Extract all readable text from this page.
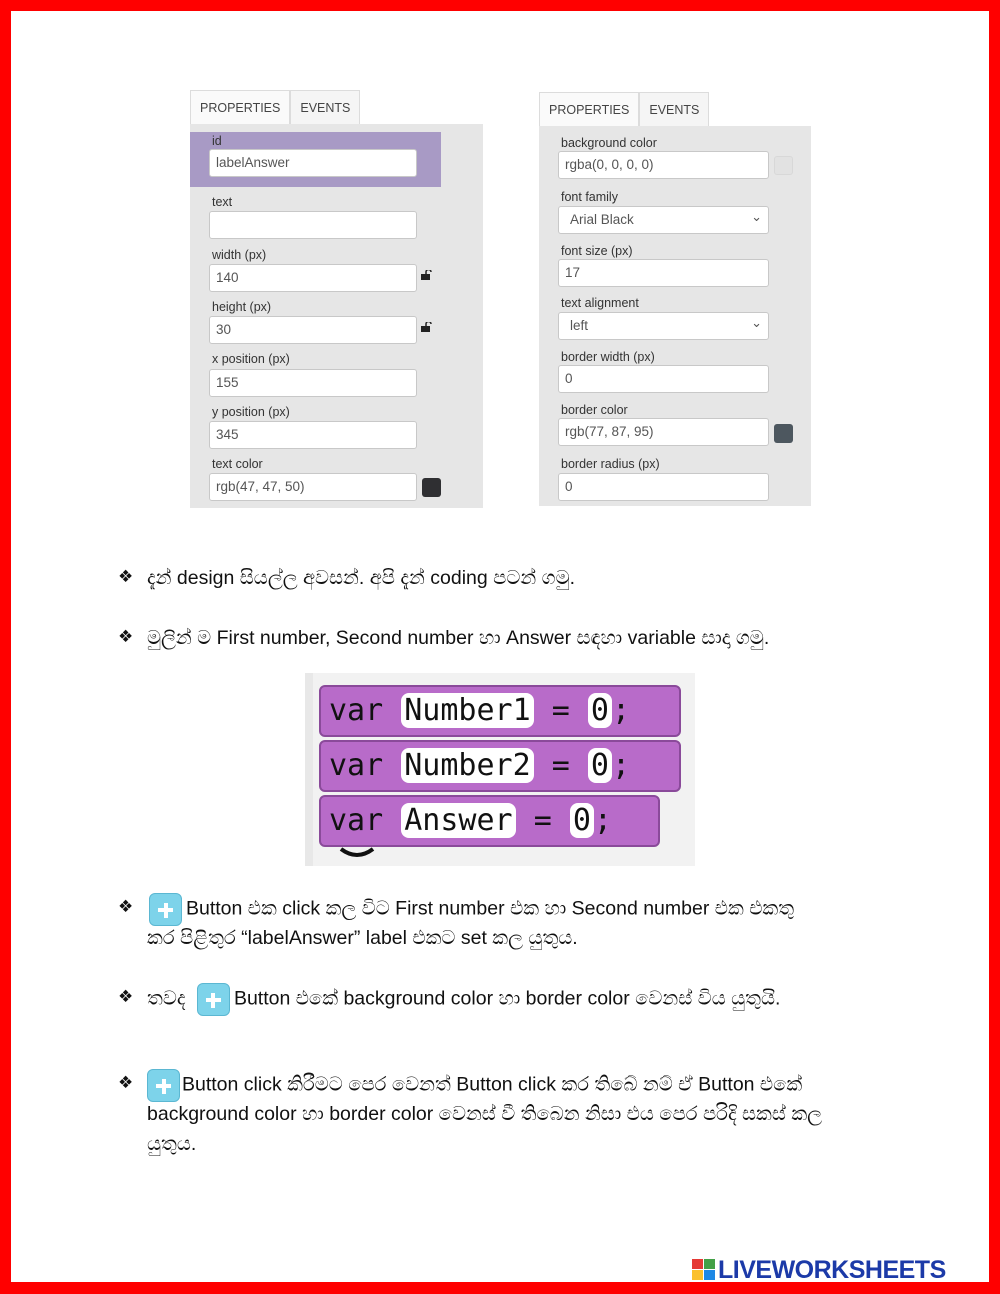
PROPERTIES	EVENTS
id
labelAnswer
text
width (px)
140
height (px)
30
x position (px)
155
y position (px)
345
text color
rgb(47, 47, 50)
PROPERTIES	EVENTS
background color
rgba(0, 0, 0, 0)
font family
Arial Black ⌄
font size (px)
17
text alignment
left ⌄
border width (px)
0
border color
rgb(77, 87, 95)
border radius (px)
0
❖ දැන් design සියල්ල අවසන්. අපි දැන් coding පටන් ගමු.
❖ මුලින් ම First number, Second number හා Answer සඳහා variable සාදා ගමු.
var Number1 = 0 ;
var Number2 = 0 ;
var Answer = 0 ;
❖	Button එක click කල විට First number එක හා Second number එක එකතු
කර පිළිතුර “labelAnswer” label එකට set කල යුතුය.
❖ තවද Button එකේ background color හා border color වෙනස් විය යුතුයි.
❖	Button click කිරීමට පෙර වෙනත් Button click කර තිබේ නම් ඒ Button එකේ
background color හා border color වෙනස් වී තිබෙන නිසා එය පෙර පරිදි සකස් කල
යුතුය.
LIVEWORKSHEETS
